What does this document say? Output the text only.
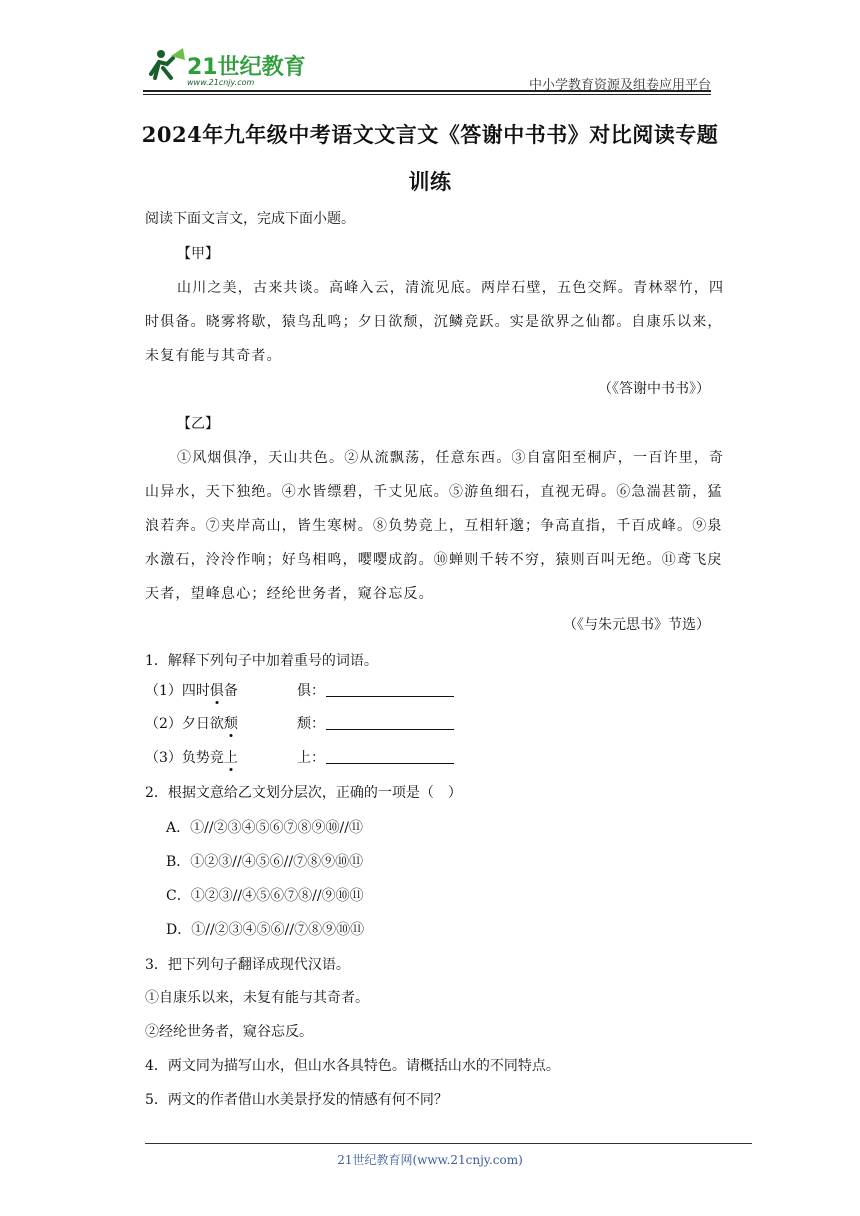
21世纪教育
www.21cnjy.com	中小学教育资源及组卷应用平台
2024年九年级中考语文文言文《答谢中书书》对比阅读专题
训练
阅读下面文言文，完成下面小题。
【甲】
山川之美，古来共谈。高峰入云，清流见底。两岸石壁，五色交辉。青林翠竹，四
时俱备。晓雾将歇，猿鸟乱鸣；夕日欲颓，沉鳞竞跃。实是欲界之仙都。自康乐以来，
未复有能与其奇者。
（《答谢中书书》）
【乙】
①风烟俱净，天山共色。②从流飘荡，任意东西。③自富阳至桐庐，一百许里，奇
山异水，天下独绝。④水皆缥碧，千丈见底。⑤游鱼细石，直视无碍。⑥急湍甚箭，猛
浪若奔。⑦夹岸高山，皆生寒树。⑧负势竞上，互相轩邈；争高直指，千百成峰。⑨泉
水激石，泠泠作响；好鸟相鸣，嘤嘤成韵。⑩蝉则千转不穷，猿则百叫无绝。⑪鸢飞戾
天者，望峰息心；经纶世务者，窥谷忘反。
（《与朱元思书》节选）
1．解释下列句子中加着重号的词语。
（1）四时俱备	俱：
（2）夕日欲颓	颓：
（3）负势竞上	上：
2．根据文意给乙文划分层次，正确的一项是（　）
A．①//②③④⑤⑥⑦⑧⑨⑩//⑪
B．①②③//④⑤⑥//⑦⑧⑨⑩⑪
C．①②③//④⑤⑥⑦⑧//⑨⑩⑪
D．①//②③④⑤⑥//⑦⑧⑨⑩⑪
3．把下列句子翻译成现代汉语。
①自康乐以来，未复有能与其奇者。
②经纶世务者，窥谷忘反。
4．两文同为描写山水，但山水各具特色。请概括山水的不同特点。
5．两文的作者借山水美景抒发的情感有何不同？
21世纪教育网(www.21cnjy.com)
